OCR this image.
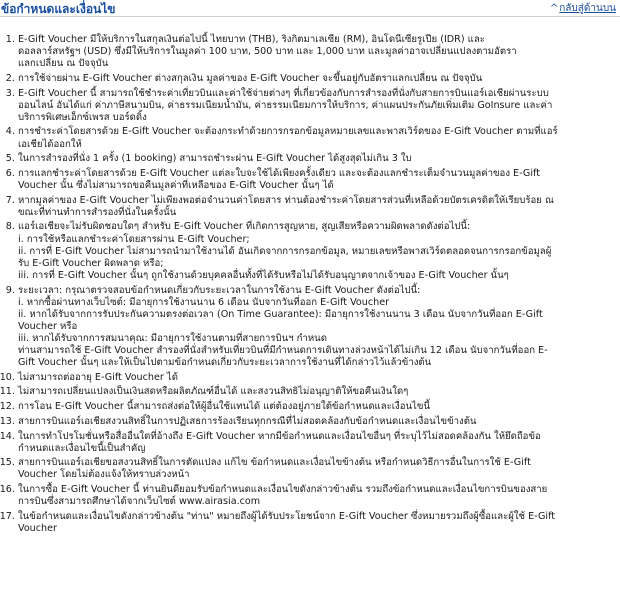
ข้อกำหนดและเงื่อนไข	^กลับสู่ด้านบน
1. E-Gift Voucher มีให้บริการในสกุลเงินต่อไปนี้ ไทยบาท (THB), ริงกิตมาเลเซีย (RM), อินโดนีเซียรูเปีย (IDR) และ
ดอลลาร์สหรัฐฯ (USD) ซึ่งมีให้บริการในมูลค่า 100 บาท, 500 บาท และ 1,000 บาท และมูลค่าอาจเปลี่ยนแปลงตามอัตรา
แลกเปลี่ยน ณ ปัจจุบัน
2. การใช้จ่ายผ่าน E-Gift Voucher ต่างสกุลเงิน มูลค่าของ E-Gift Voucher จะขึ้นอยู่กับอัตราแลกเปลี่ยน ณ ปัจจุบัน
3. E-Gift Voucher นี้ สามารถใช้ชำระค่าเที่ยวบินและค่าใช้จ่ายต่างๆ ที่เกี่ยวข้องกับการสำรองที่นั่งกับสายการบินแอร์เอเชียผ่านระบบ
ออนไลน์ อันได้แก่ ค่าภาษีสนามบิน, ค่าธรรมเนียมน้ำมัน, ค่าธรรมเนียมการให้บริการ, ค่าแผนประกันภัยเพิ่มเติม GoInsure และค่า
บริการพิเศษเอ็กซ์เพรส บอร์ดดิ้ง
4. การชำระค่าโดยสารด้วย E-Gift Voucher จะต้องกระทำด้วยการกรอกข้อมูลหมายเลขและพาสเวิร์ดของ E-Gift Voucher ตามที่แอร์
เอเชียได้ออกให้
5. ในการสำรองที่นั่ง 1 ครั้ง (1 booking) สามารถชำระผ่าน E-Gift Voucher ได้สูงสุดไม่เกิน 3 ใบ
6. การแลกชำระค่าโดยสารด้วย E-Gift Voucher แต่ละใบจะใช้ได้เพียงครั้งเดียว และจะต้องแลกชำระเต็มจำนวนมูลค่าของ E-Gift
Voucher นั้น ซึ่งไม่สามารถขอคืนมูลค่าที่เหลือของ E-Gift Voucher นั้นๆ ได้
7. หากมูลค่าของ E-Gift Voucher ไม่เพียงพอต่อจำนวนค่าโดยสาร ท่านต้องชำระค่าโดยสารส่วนที่เหลือด้วยบัตรเครดิตให้เรียบร้อย ณ
ขณะที่ท่านทำการสำรองที่นั่งในครั้งนั้น
8. แอร์เอเชียจะไม่รับผิดชอบใดๆ สำหรับ E-Gift Voucher ที่เกิดการสูญหาย, สูญเสียหรือความผิดพลาดดังต่อไปนี้:
i. การใช้หรือแลกชำระค่าโดยสารผ่าน E-Gift Voucher;
ii. การที่ E-Gift Voucher ไม่สามารถนำมาใช้งานได้ อันเกิดจากการกรอกข้อมูล, หมายเลขหรือพาสเวิร์ดตลอดจนการกรอกข้อมูลผู้
รับ E-Gift Voucher ผิดพลาด หรือ;
iii. การที่ E-Gift Voucher นั้นๆ ถูกใช้งานด้วยบุคคลอื่นทั้งที่ได้รับหรือไม่ได้รับอนุญาตจากเจ้าของ E-Gift Voucher นั้นๆ
9. ระยะเวลา: กรุณาตรวจสอบข้อกำหนดเกี่ยวกับระยะเวลาในการใช้งาน E-Gift Voucher ดังต่อไปนี้:
i. หากซื้อผ่านทางเว็บไซต์: มีอายุการใช้งานนาน 6 เดือน นับจากวันที่ออก E-Gift Voucher
ii. หากได้รับจากการรับประกันความตรงต่อเวลา (On Time Guarantee): มีอายุการใช้งานนาน 3 เดือน นับจากวันที่ออก E-Gift
Voucher หรือ
iii. หากได้รับจากการสมนาคุณ: มีอายุการใช้งานตามที่สายการบินฯ กำหนด
ท่านสามารถใช้ E-Gift Voucher สำรองที่นั่งสำหรับเที่ยวบินที่มีกำหนดการเดินทางล่วงหน้าได้ไม่เกิน 12 เดือน นับจากวันที่ออก E-
Gift Voucher นั้นๆ และให้เป็นไปตามข้อกำหนดเกี่ยวกับระยะเวลาการใช้งานที่ได้กล่าวไว้แล้วข้างต้น
10. ไม่สามารถต่ออายุ E-Gift Voucher ได้
11. ไม่สามารถเปลี่ยนแปลงเป็นเงินสดหรือผลิตภัณฑ์อื่นได้ และสงวนสิทธิไม่อนุญาติให้ขอคืนเงินใดๆ
12. การโอน E-Gift Voucher นี้สามารถส่งต่อให้ผู้อื่นใช้แทนได้ แต่ต้องอยู่ภายใต้ข้อกำหนดและเงื่อนไขนี้
13. สายการบินแอร์เอเชียสงวนสิทธิ์ในการปฏิเสธการร้องเรียนทุกกรณีที่ไม่สอดคล้องกับข้อกำหนดและเงื่อนไขข้างต้น
14. ในการทำโปรโมชั่นหรือสื่ออื่นใดที่อ้างถึง E-Gift Voucher หากมีข้อกำหนดและเงื่อนไขอื่นๆ ที่ระบุไว้ไม่สอดคล้องกัน ให้ยึดถือข้อ
กำหนดและเงื่อนไขนี้เป็นสำคัญ
15. สายการบินแอร์เอเชียขอสงวนสิทธิ์ในการตัดแปลง แก้ไข ข้อกำหนดและเงื่อนไขข้างต้น หรือกำหนดวิธีการอื่นในการใช้ E-Gift
Voucher โดยไม่ต้องแจ้งให้ทราบล่วงหน้า
16. ในการซื้อ E-Gift Voucher นี้ ท่านยินดียอมรับข้อกำหนดและเงื่อนไขดังกล่าวข้างต้น รวมถึงข้อกำหนดและเงื่อนไขการบินของสาย
การบินซึ่งสามารถศึกษาได้จากเว็บไซต์ www.airasia.com
17. ในข้อกำหนดและเงื่อนไขดังกล่าวข้างต้น "ท่าน" หมายถึงผู้ได้รับประโยชน์จาก E-Gift Voucher ซึ่งหมายรวมถึงผู้ซื้อและผู้ใช้ E-Gift
Voucher
